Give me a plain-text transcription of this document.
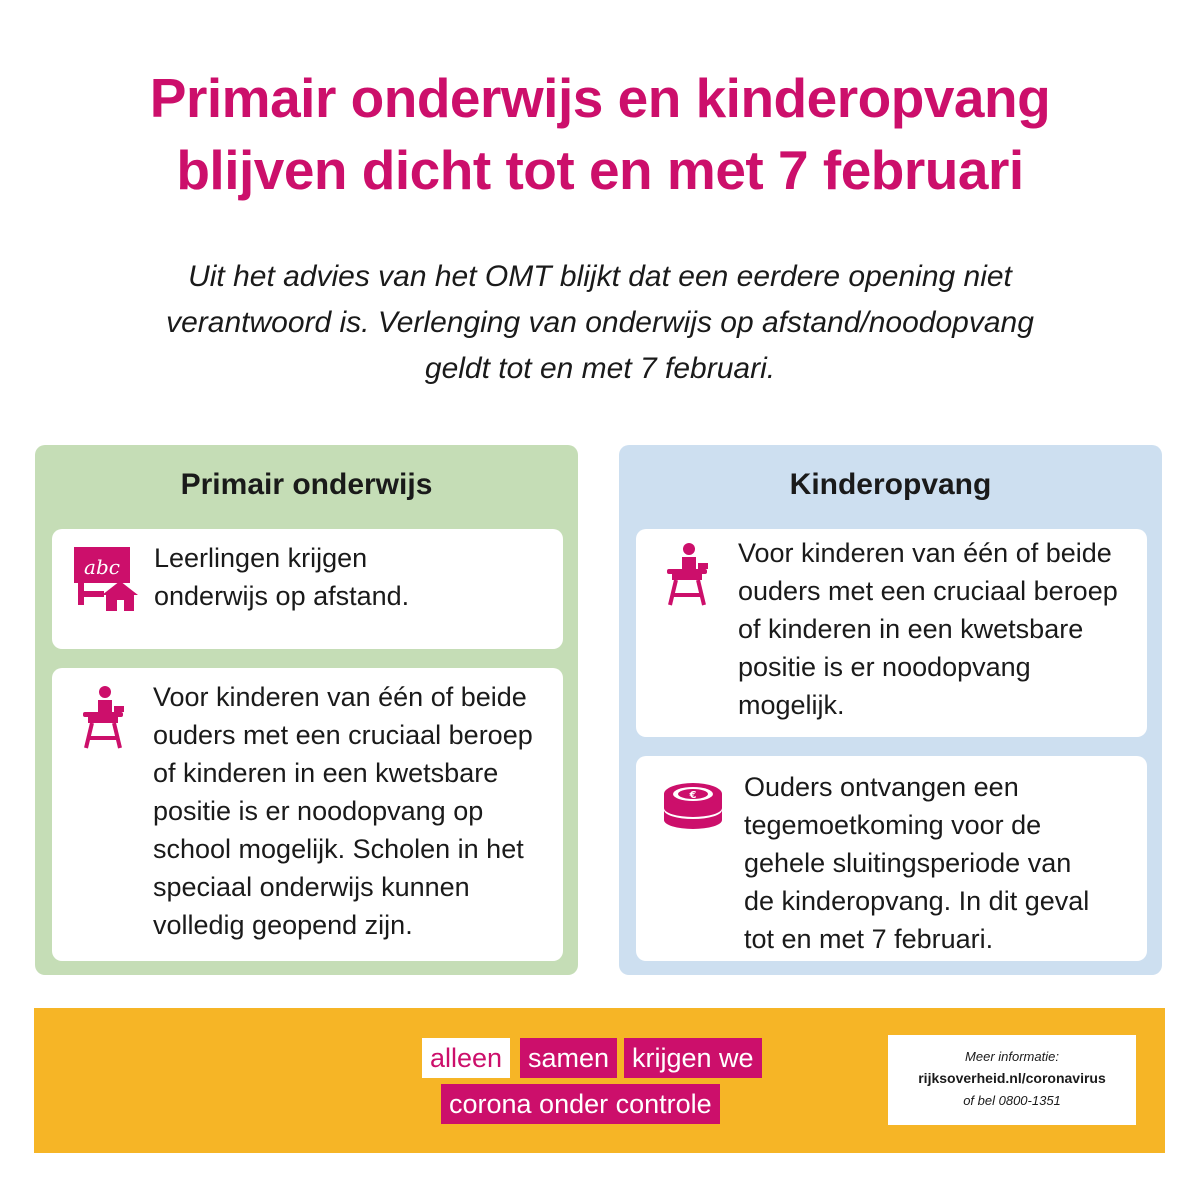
Primair onderwijs en kinderopvang
blijven dicht tot en met 7 februari
Uit het advies van het OMT blijkt dat een eerdere opening niet
verantwoord is. Verlenging van onderwijs op afstand/noodopvang
geldt tot en met 7 februari.
Primair onderwijs
abc Leerlingen krijgen
onderwijs op afstand.
Voor kinderen van één of beide
ouders met een cruciaal beroep
of kinderen in een kwetsbare
positie is er noodopvang op
school mogelijk. Scholen in het
speciaal onderwijs kunnen
volledig geopend zijn.
Kinderopvang
Voor kinderen van één of beide
ouders met een cruciaal beroep
of kinderen in een kwetsbare
positie is er noodopvang
mogelijk.
€ Ouders ontvangen een
tegemoetkoming voor de
gehele sluitingsperiode van
de kinderopvang. In dit geval
tot en met 7 februari.
alleen samen krijgen we
corona onder controle
Meer informatie:
rijksoverheid.nl/coronavirus
of bel 0800-1351
